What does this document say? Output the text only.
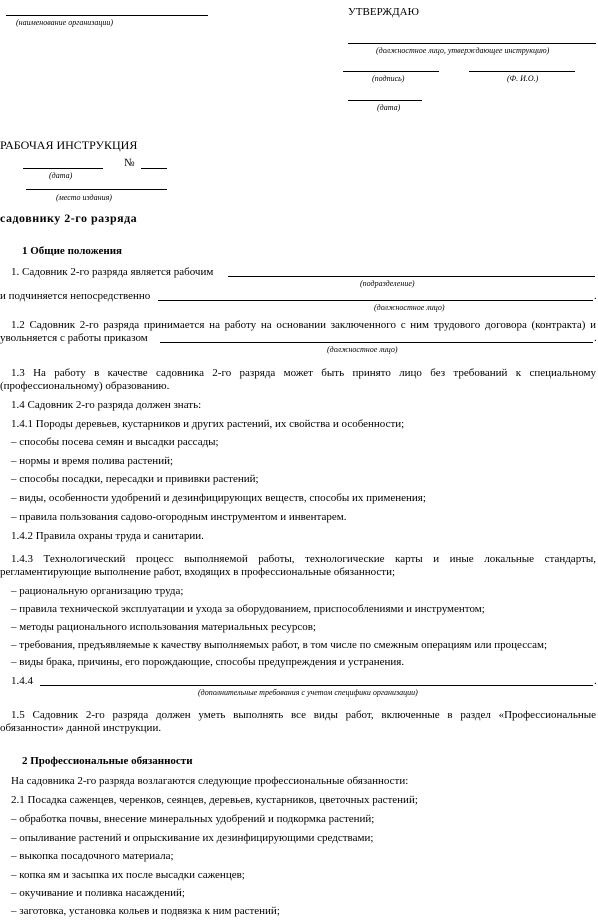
(наименование организации)
УТВЕРЖДАЮ
(должностное лицо, утверждающее инструкцию)
(подпись)	(Ф. И.О.)
(дата)
РАБОЧАЯ ИНСТРУКЦИЯ
№
(дата)
(место издания)
садовнику 2-го разряда
1 Общие положения
1. Садовник 2-го разряда является рабочим
(подразделение)
и подчиняется непосредственно	.
(должностное лицо)
1.2 Садовник 2-го разряда принимается на работу на основании заключенного с ним трудового договора (контракта) и увольняется с работы приказом	.
(должностное лицо)
1.3 На работу в качестве садовника 2-го разряда может быть принято лицо без требований к специальному (профессиональному) образованию.
1.4 Садовник 2-го разряда должен знать:
1.4.1 Породы деревьев, кустарников и других растений, их свойства и особенности;
– способы посева семян и высадки рассады;
– нормы и время полива растений;
– способы посадки, пересадки и прививки растений;
– виды, особенности удобрений и дезинфицирующих веществ, способы их применения;
– правила пользования садово-огородным инструментом и инвентарем.
1.4.2 Правила охраны труда и санитарии.
1.4.3 Технологический процесс выполняемой работы, технологические карты и иные локальные стандарты, регламентирующие выполнение работ, входящих в профессиональные обязанности;
– рациональную организацию труда;
– правила технической эксплуатации и ухода за оборудованием, приспособлениями и инструментом;
– методы рационального использования материальных ресурсов;
– требования, предъявляемые к качеству выполняемых работ, в том числе по смежным операциям или процессам;
– виды брака, причины, его порождающие, способы предупреждения и устранения.
1.4.4	.
(дополнительные требования с учетом специфики организации)
1.5 Садовник 2-го разряда должен уметь выполнять все виды работ, включенные в раздел «Профессиональные обязанности» данной инструкции.
2 Профессиональные обязанности
На садовника 2-го разряда возлагаются следующие профессиональные обязанности:
2.1 Посадка саженцев, черенков, сеянцев, деревьев, кустарников, цветочных растений;
– обработка почвы, внесение минеральных удобрений и подкормка растений;
– опыливание растений и опрыскивание их дезинфицирующими средствами;
– выкопка посадочного материала;
– копка ям и засыпка их после высадки саженцев;
– окучивание и поливка насаждений;
– заготовка, установка кольев и подвязка к ним растений;
